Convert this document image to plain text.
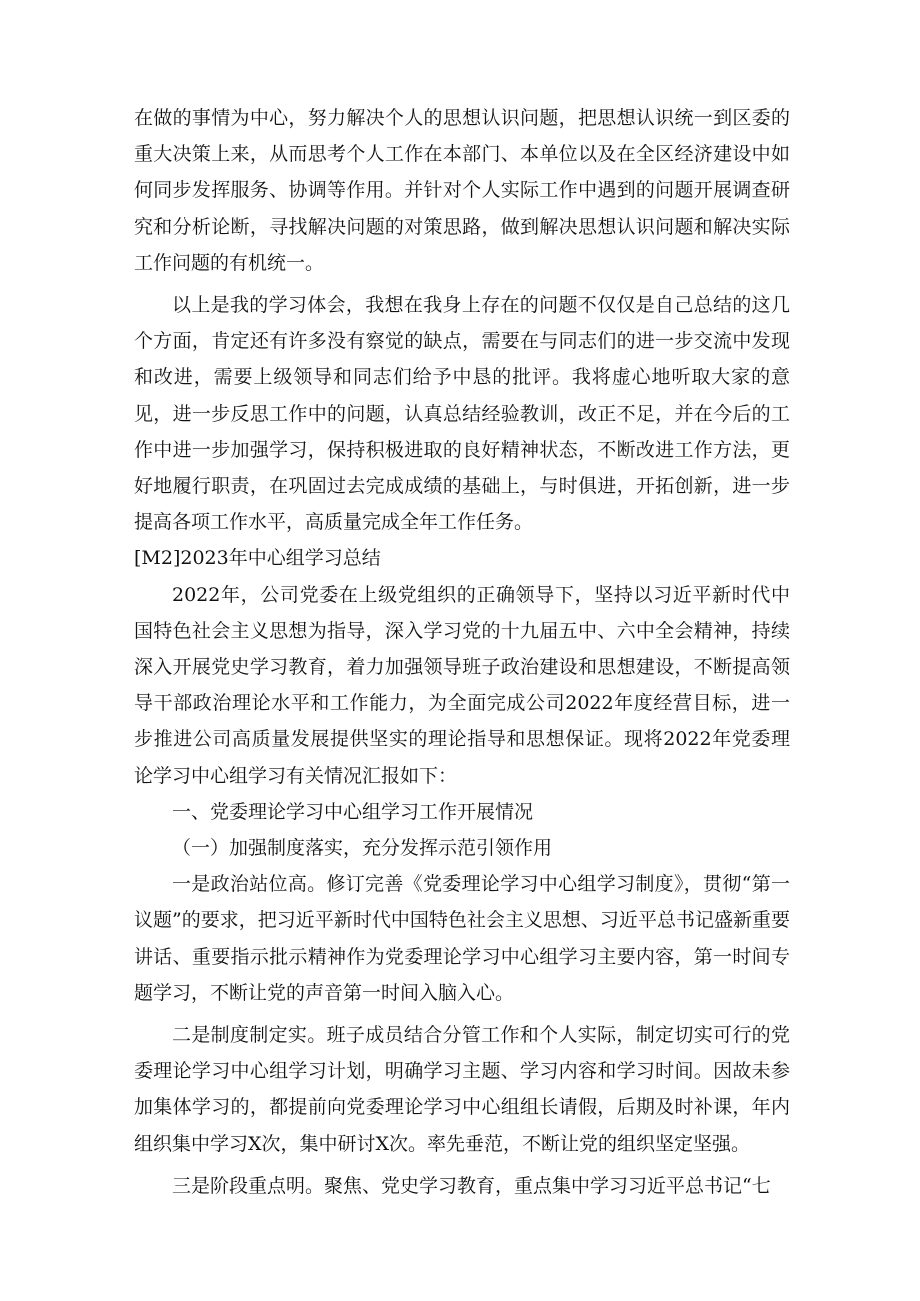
在做的事情为中心，努力解决个人的思想认识问题，把思想认识统一到区委的重大决策上来，从而思考个人工作在本部门、本单位以及在全区经济建设中如何同步发挥服务、协调等作用。并针对个人实际工作中遇到的问题开展调查研究和分析论断，寻找解决问题的对策思路，做到解决思想认识问题和解决实际工作问题的有机统一。

以上是我的学习体会，我想在我身上存在的问题不仅仅是自己总结的这几个方面，肯定还有许多没有察觉的缺点，需要在与同志们的进一步交流中发现和改进，需要上级领导和同志们给予中恳的批评。我将虚心地听取大家的意见，进一步反思工作中的问题，认真总结经验教训，改正不足，并在今后的工作中进一步加强学习，保持积极进取的良好精神状态，不断改进工作方法，更好地履行职责，在巩固过去完成成绩的基础上，与时俱进，开拓创新，进一步提高各项工作水平，高质量完成全年工作任务。

[M2]2023年中心组学习总结

2022年，公司党委在上级党组织的正确领导下，坚持以习近平新时代中国特色社会主义思想为指导，深入学习党的十九届五中、六中全会精神，持续深入开展党史学习教育，着力加强领导班子政治建设和思想建设，不断提高领导干部政治理论水平和工作能力，为全面完成公司2022年度经营目标，进一步推进公司高质量发展提供坚实的理论指导和思想保证。现将2022年党委理论学习中心组学习有关情况汇报如下：

一、党委理论学习中心组学习工作开展情况

（一）加强制度落实，充分发挥示范引领作用

一是政治站位高。修订完善《党委理论学习中心组学习制度》，贯彻“第一议题”的要求，把习近平新时代中国特色社会主义思想、习近平总书记盛新重要讲话、重要指示批示精神作为党委理论学习中心组学习主要内容，第一时间专题学习，不断让党的声音第一时间入脑入心。

二是制度制定实。班子成员结合分管工作和个人实际，制定切实可行的党委理论学习中心组学习计划，明确学习主题、学习内容和学习时间。因故未参加集体学习的，都提前向党委理论学习中心组组长请假，后期及时补课，年内组织集中学习X次，集中研讨X次。率先垂范，不断让党的组织坚定坚强。

三是阶段重点明。聚焦、党史学习教育，重点集中学习习近平总书记“七
